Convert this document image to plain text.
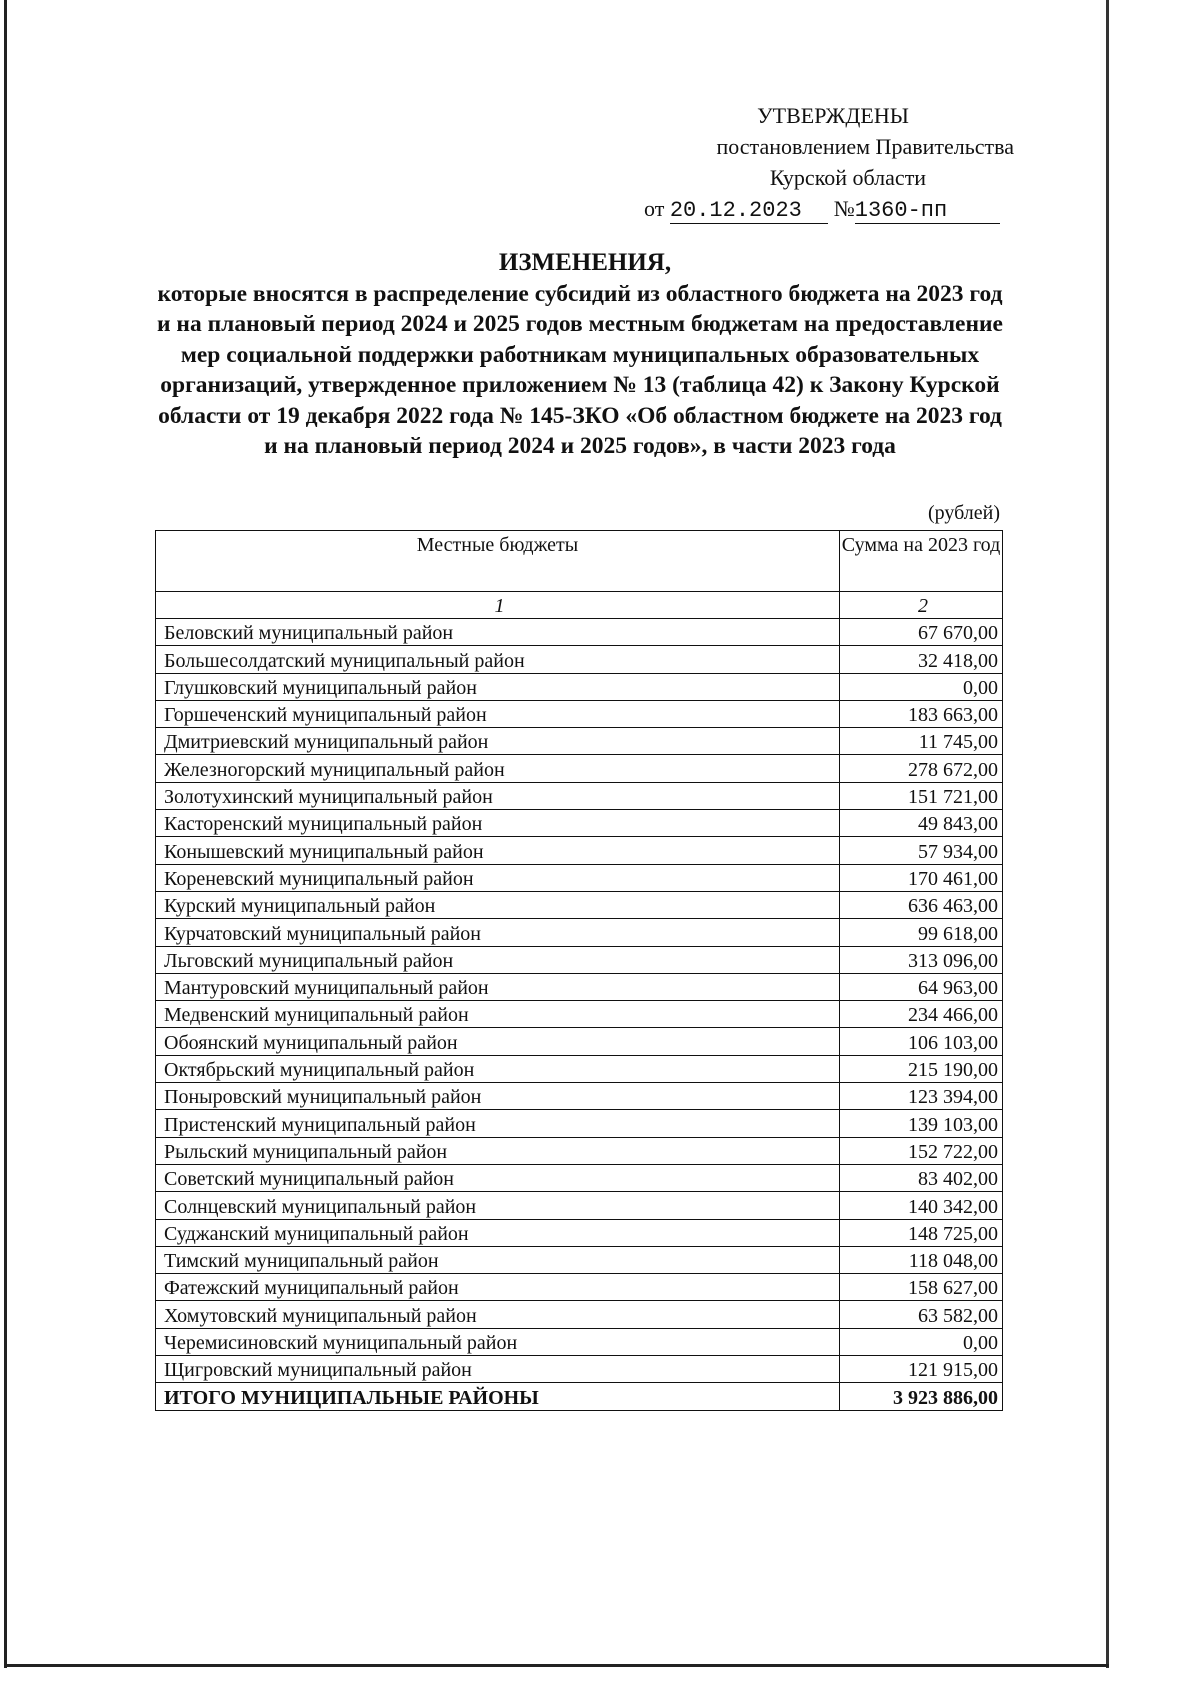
УТВЕРЖДЕНЫ
постановлением Правительства
Курской области
от 20.12.2023 №1360-пп
ИЗМЕНЕНИЯ,
которые вносятся в распределение субсидий из областного бюджета на 2023 год и на плановый период 2024 и 2025 годов местным бюджетам на предоставление мер социальной поддержки работникам муниципальных образовательных организаций, утвержденное приложением № 13 (таблица 42) к Закону Курской области от 19 декабря 2022 года № 145-ЗКО «Об областном бюджете на 2023 год и на плановый период 2024 и 2025 годов», в части 2023 года
(рублей)
Местные бюджеты	Сумма на 2023 год
1	2
Беловский муниципальный район	67 670,00
Большесолдатский муниципальный район	32 418,00
Глушковский муниципальный район	0,00
Горшеченский муниципальный район	183 663,00
Дмитриевский муниципальный район	11 745,00
Железногорский муниципальный район	278 672,00
Золотухинский муниципальный район	151 721,00
Касторенский муниципальный район	49 843,00
Конышевский муниципальный район	57 934,00
Кореневский муниципальный район	170 461,00
Курский муниципальный район	636 463,00
Курчатовский муниципальный район	99 618,00
Льговский муниципальный район	313 096,00
Мантуровский муниципальный район	64 963,00
Медвенский муниципальный район	234 466,00
Обоянский муниципальный район	106 103,00
Октябрьский муниципальный район	215 190,00
Поныровский муниципальный район	123 394,00
Пристенский муниципальный район	139 103,00
Рыльский муниципальный район	152 722,00
Советский муниципальный район	83 402,00
Солнцевский муниципальный район	140 342,00
Суджанский муниципальный район	148 725,00
Тимский муниципальный район	118 048,00
Фатежский муниципальный район	158 627,00
Хомутовский муниципальный район	63 582,00
Черемисиновский муниципальный район	0,00
Щигровский муниципальный район	121 915,00
ИТОГО МУНИЦИПАЛЬНЫЕ РАЙОНЫ	3 923 886,00
